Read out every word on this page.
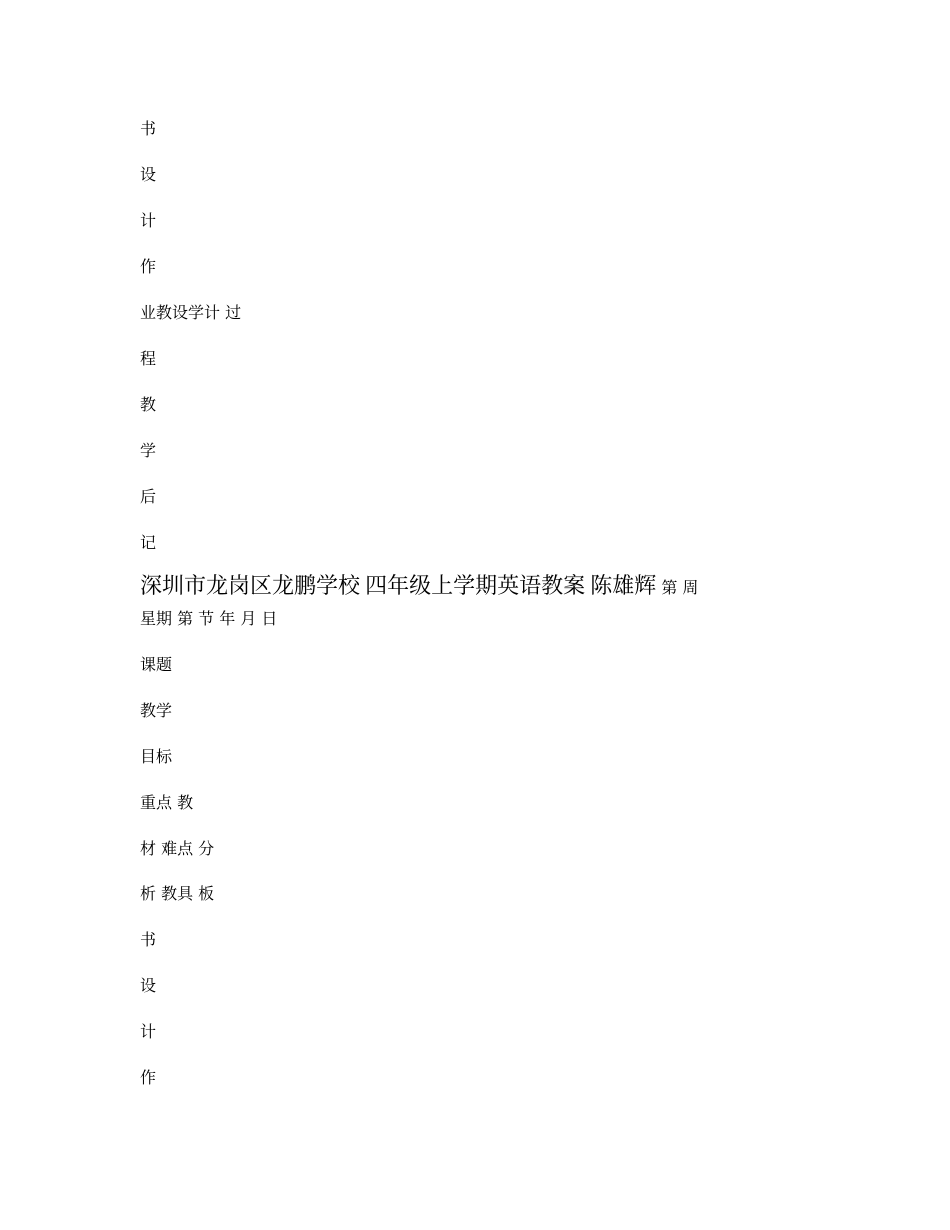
书
设
计
作
业教设学计 过
程
教
学
后
记
深圳市龙岗区龙鹏学校 四年级上学期英语教案 陈雄辉 第 周
星期 第 节 年 月 日
课题
教学
目标
重点 教
材 难点 分
析 教具 板
书
设
计
作
